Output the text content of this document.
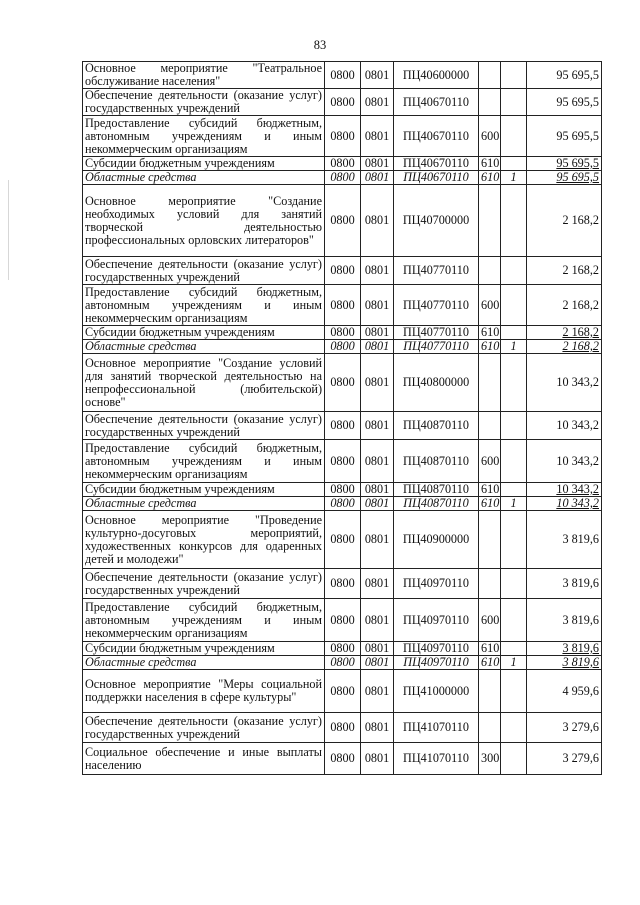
83
Основное мероприятие "Театральное обслуживание населения"	0800	0801	ПЦ40600000			95 695,5
Обеспечение деятельности (оказание услуг) государственных учреждений	0800	0801	ПЦ40670110			95 695,5
Предоставление субсидий бюджетным, автономным учреждениям и иным некоммерческим организациям	0800	0801	ПЦ40670110	600		95 695,5
Субсидии бюджетным учреждениям	0800	0801	ПЦ40670110	610		95 695,5
Областные средства	0800	0801	ПЦ40670110	610	1	95 695,5
Основное мероприятие "Создание необходимых условий для занятий творческой деятельностью профессиональных орловских литераторов"	0800	0801	ПЦ40700000			2 168,2
Обеспечение деятельности (оказание услуг) государственных учреждений	0800	0801	ПЦ40770110			2 168,2
Предоставление субсидий бюджетным, автономным учреждениям и иным некоммерческим организациям	0800	0801	ПЦ40770110	600		2 168,2
Субсидии бюджетным учреждениям	0800	0801	ПЦ40770110	610		2 168,2
Областные средства	0800	0801	ПЦ40770110	610	1	2 168,2
Основное мероприятие "Создание условий для занятий творческой деятельностью на непрофессиональной (любительской) основе"	0800	0801	ПЦ40800000			10 343,2
Обеспечение деятельности (оказание услуг) государственных учреждений	0800	0801	ПЦ40870110			10 343,2
Предоставление субсидий бюджетным, автономным учреждениям и иным некоммерческим организациям	0800	0801	ПЦ40870110	600		10 343,2
Субсидии бюджетным учреждениям	0800	0801	ПЦ40870110	610		10 343,2
Областные средства	0800	0801	ПЦ40870110	610	1	10 343,2
Основное мероприятие "Проведение культурно-досуговых мероприятий, художественных конкурсов для одаренных детей и молодежи"	0800	0801	ПЦ40900000			3 819,6
Обеспечение деятельности (оказание услуг) государственных учреждений	0800	0801	ПЦ40970110			3 819,6
Предоставление субсидий бюджетным, автономным учреждениям и иным некоммерческим организациям	0800	0801	ПЦ40970110	600		3 819,6
Субсидии бюджетным учреждениям	0800	0801	ПЦ40970110	610		3 819,6
Областные средства	0800	0801	ПЦ40970110	610	1	3 819,6
Основное мероприятие "Меры социальной поддержки населения в сфере культуры"	0800	0801	ПЦ41000000			4 959,6
Обеспечение деятельности (оказание услуг) государственных учреждений	0800	0801	ПЦ41070110			3 279,6
Социальное обеспечение и иные выплаты населению	0800	0801	ПЦ41070110	300		3 279,6
